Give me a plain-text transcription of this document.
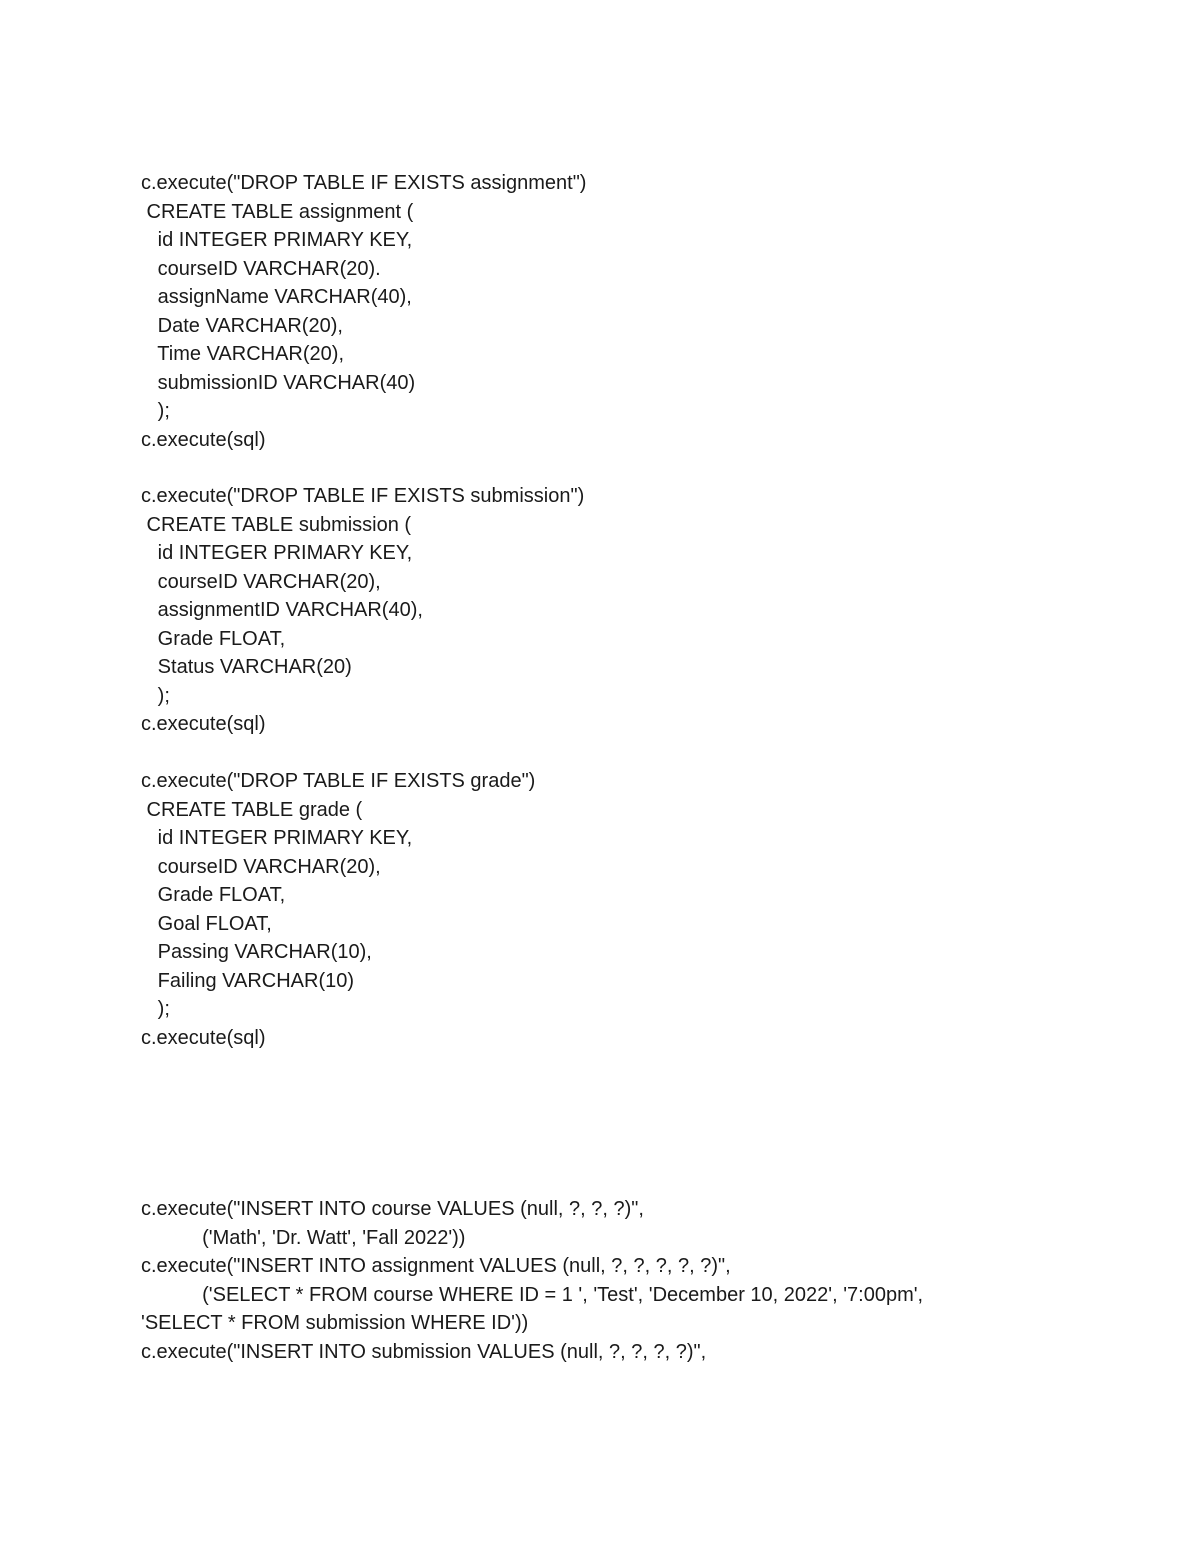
c.execute("DROP TABLE IF EXISTS assignment")
CREATE TABLE assignment (
id INTEGER PRIMARY KEY,
courseID VARCHAR(20).
assignName VARCHAR(40),
Date VARCHAR(20),
Time VARCHAR(20),
submissionID VARCHAR(40)
);
c.execute(sql)
c.execute("DROP TABLE IF EXISTS submission")
CREATE TABLE submission (
id INTEGER PRIMARY KEY,
courseID VARCHAR(20),
assignmentID VARCHAR(40),
Grade FLOAT,
Status VARCHAR(20)
);
c.execute(sql)
c.execute("DROP TABLE IF EXISTS grade")
CREATE TABLE grade (
id INTEGER PRIMARY KEY,
courseID VARCHAR(20),
Grade FLOAT,
Goal FLOAT,
Passing VARCHAR(10),
Failing VARCHAR(10)
);
c.execute(sql)
c.execute("INSERT INTO course VALUES (null, ?, ?, ?)",
('Math', 'Dr. Watt', 'Fall 2022'))
c.execute("INSERT INTO assignment VALUES (null, ?, ?, ?, ?, ?)",
('SELECT * FROM course WHERE ID = 1 ', 'Test', 'December 10, 2022', '7:00pm',
'SELECT * FROM submission WHERE ID'))
c.execute("INSERT INTO submission VALUES (null, ?, ?, ?, ?)",
